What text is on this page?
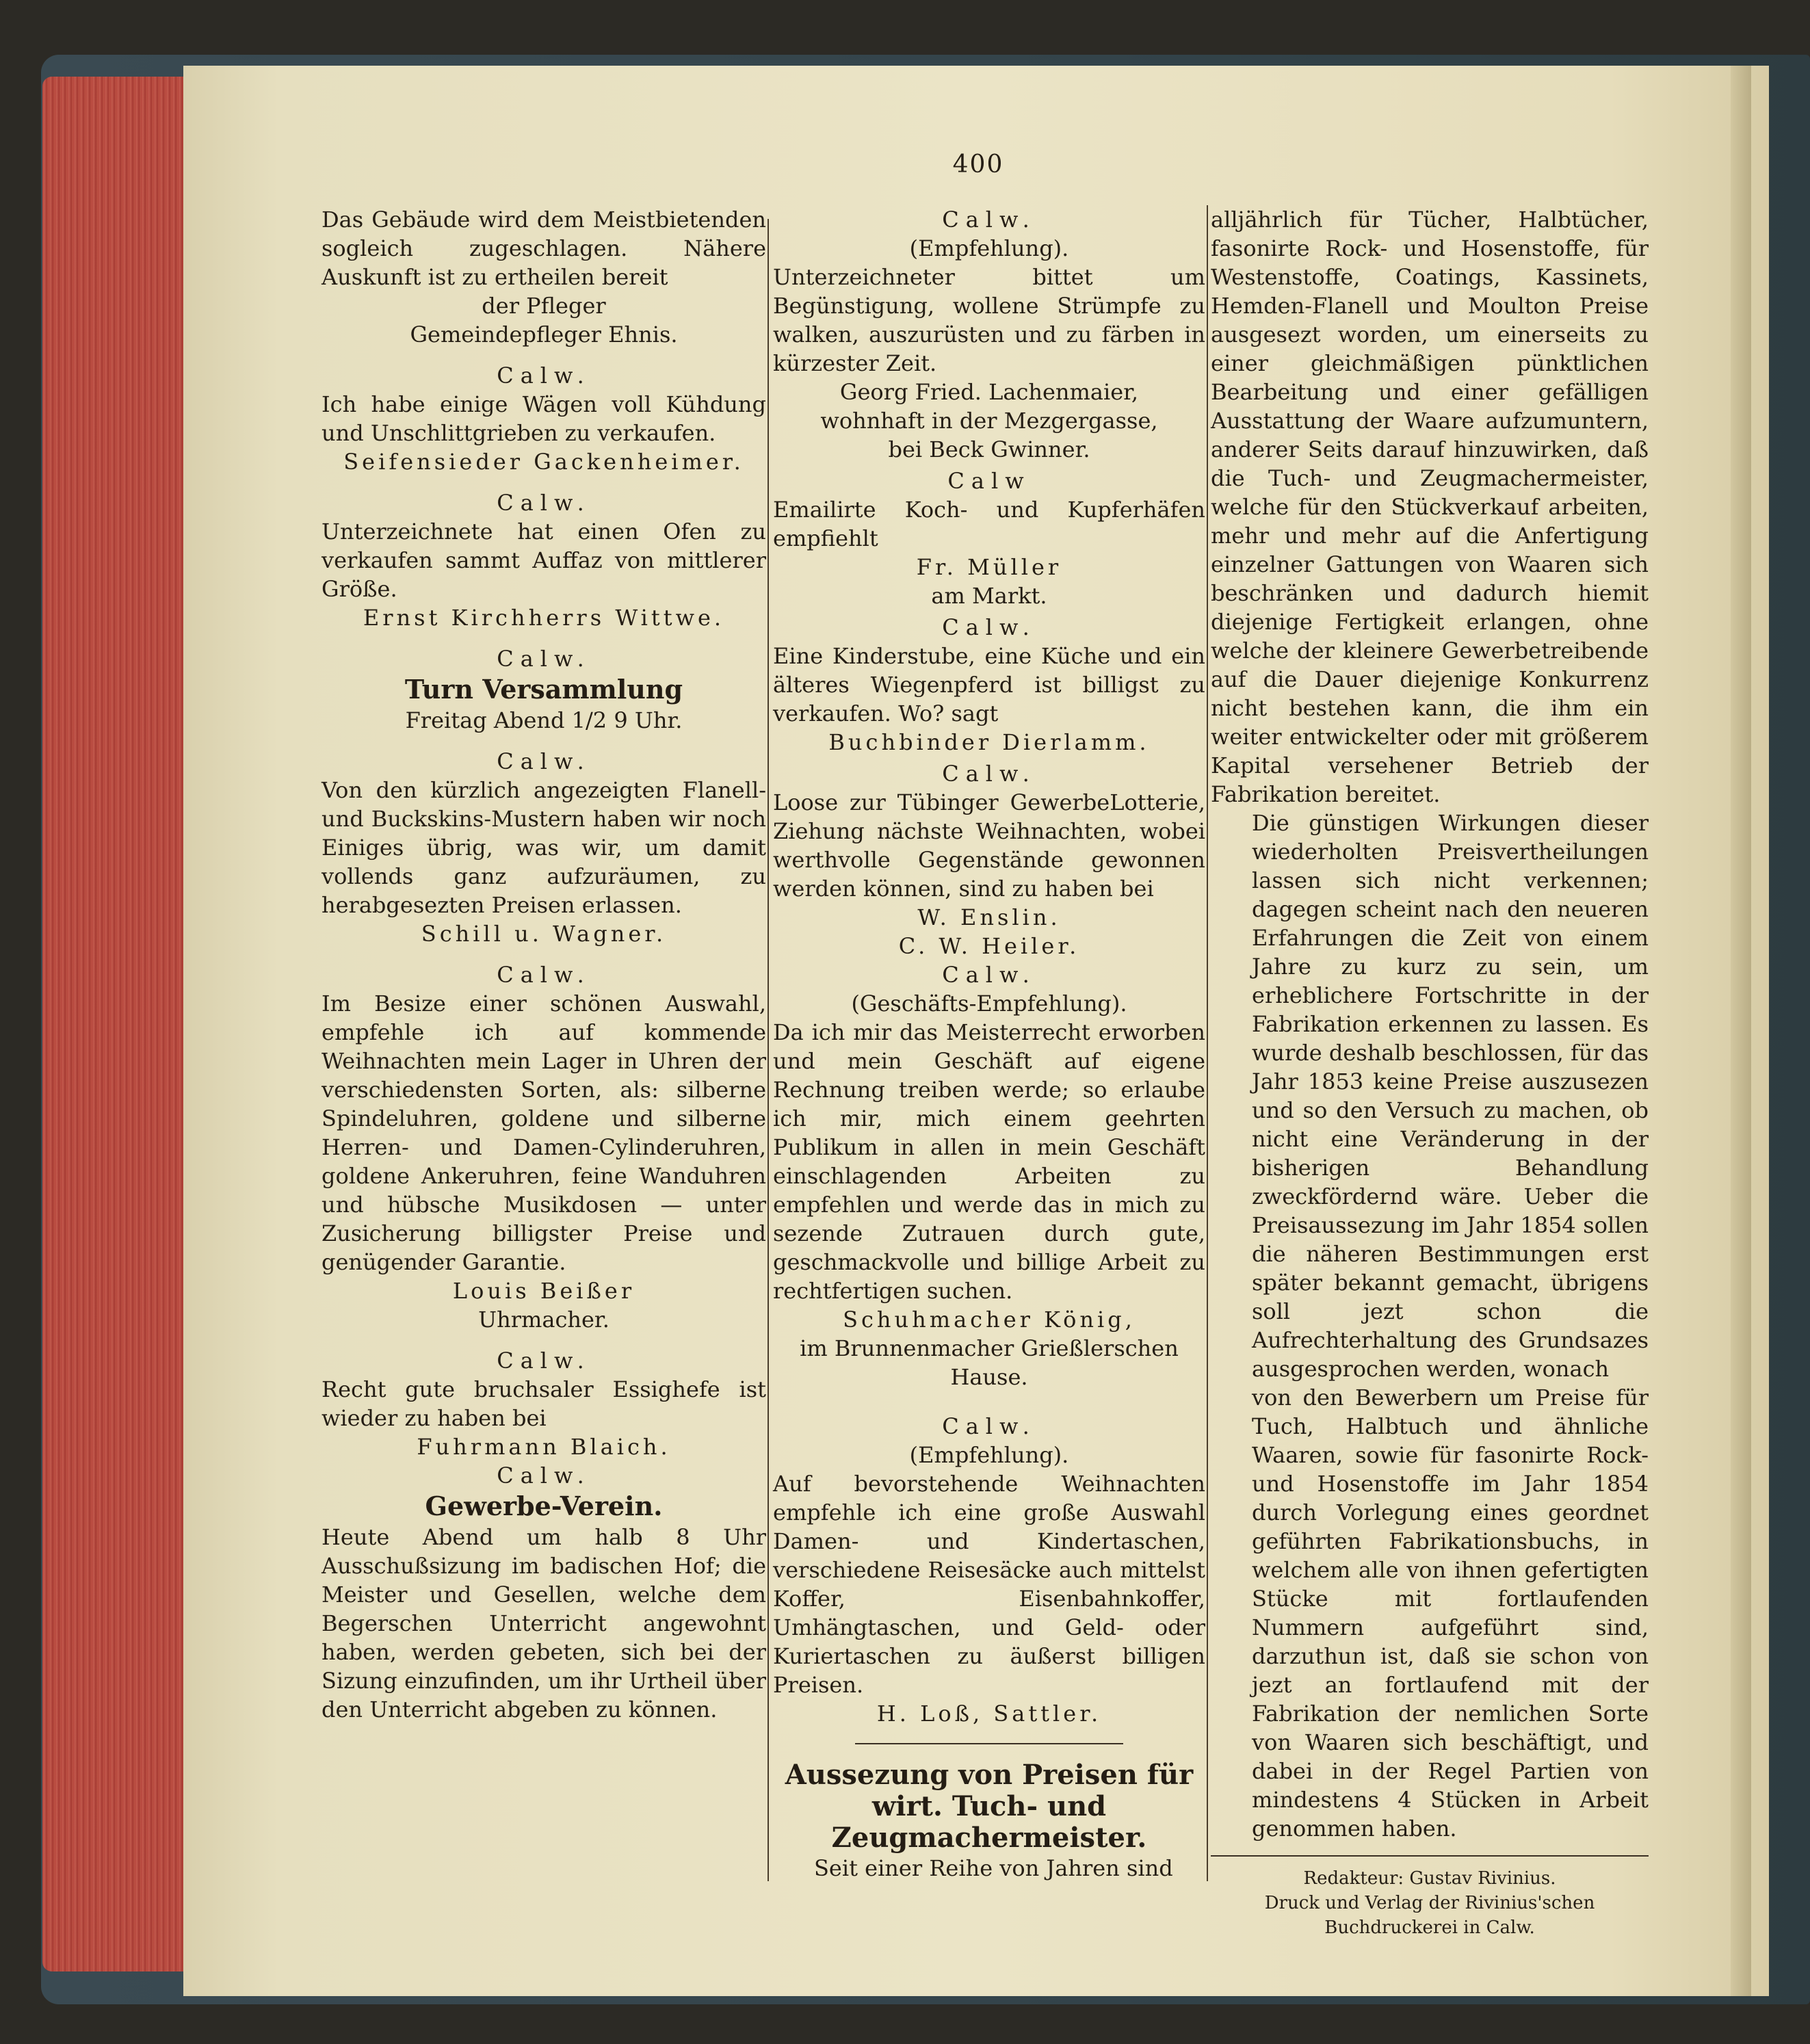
400

Das Gebäude wird dem Meistbietenden sogleich zugeschlagen. Nähere Auskunft ist zu ertheilen bereit

der Pfleger
Gemeindepfleger Ehnis.
Calw.

Ich habe einige Wägen voll Kühdung und Unschlittgrieben zu verkaufen.

Seifensieder Gackenheimer.
Calw.

Unterzeichnete hat einen Ofen zu verkaufen sammt Auffaz von mittlerer Größe.

Ernst Kirchherrs Wittwe.
Calw.
Turn Versammlung
Freitag Abend 1/2 9 Uhr.
Calw.

Von den kürzlich angezeigten Flanell- und Buckskins-Mustern haben wir noch Einiges übrig, was wir, um damit vollends ganz aufzuräumen, zu herabgesezten Preisen erlassen.

Schill u. Wagner.
Calw.

Im Besize einer schönen Auswahl, empfehle ich auf kommende Weihnachten mein Lager in Uhren der verschiedensten Sorten, als: silberne Spindeluhren, goldene und silberne Herren- und Damen-Cylinderuhren, goldene Ankeruhren, feine Wanduhren und hübsche Musikdosen — unter Zusicherung billigster Preise und genügender Garantie.

Louis Beißer
Uhrmacher.
Calw.

Recht gute bruchsaler Essighefe ist wieder zu haben bei

Fuhrmann Blaich.
Calw.
Gewerbe-Verein.

Heute Abend um halb 8 Uhr Ausschußsizung im badischen Hof; die Meister und Gesellen, welche dem Begerschen Unterricht angewohnt haben, werden gebeten, sich bei der Sizung einzufinden, um ihr Urtheil über den Unterricht abgeben zu können.

Calw.
(Empfehlung).

Unterzeichneter bittet um Begünstigung, wollene Strümpfe zu walken, auszurüsten und zu färben in kürzester Zeit.

Georg Fried. Lachenmaier,
wohnhaft in der Mezgergasse,
bei Beck Gwinner.
Calw

Emailirte Koch- und Kupferhäfen empfiehlt

Fr. Müller
am Markt.
Calw.

Eine Kinderstube, eine Küche und ein älteres Wiegenpferd ist billigst zu verkaufen. Wo? sagt

Buchbinder Dierlamm.
Calw.

Loose zur Tübinger GewerbeLotterie, Ziehung nächste Weihnachten, wobei werthvolle Gegenstände gewonnen werden können, sind zu haben bei

W. Enslin.
C. W. Heiler.
Calw.
(Geschäfts-Empfehlung).

Da ich mir das Meisterrecht erworben und mein Geschäft auf eigene Rechnung treiben werde; so erlaube ich mir, mich einem geehrten Publikum in allen in mein Geschäft einschlagenden Arbeiten zu empfehlen und werde das in mich zu sezende Zutrauen durch gute, geschmackvolle und billige Arbeit zu rechtfertigen suchen.

Schuhmacher König,
im Brunnenmacher Grießlerschen
Hause.
Calw.
(Empfehlung).

Auf bevorstehende Weihnachten empfehle ich eine große Auswahl Damen- und Kindertaschen, verschiedene Reisesäcke auch mittelst Koffer, Eisenbahnkoffer, Umhängtaschen, und Geld- oder Kuriertaschen zu äußerst billigen Preisen.

H. Loß, Sattler.
Aussezung von Preisen für wirt. Tuch- und Zeugmachermeister.

Seit einer Reihe von Jahren sind

alljährlich für Tücher, Halbtücher, fasonirte Rock- und Hosenstoffe, für Westenstoffe, Coatings, Kassinets, Hemden-Flanell und Moulton Preise ausgesezt worden, um einerseits zu einer gleichmäßigen pünktlichen Bearbeitung und einer gefälligen Ausstattung der Waare aufzumuntern, anderer Seits darauf hinzuwirken, daß die Tuch- und Zeugmachermeister, welche für den Stückverkauf arbeiten, mehr und mehr auf die Anfertigung einzelner Gattungen von Waaren sich beschränken und dadurch hiemit diejenige Fertigkeit erlangen, ohne welche der kleinere Gewerbetreibende auf die Dauer diejenige Konkurrenz nicht bestehen kann, die ihm ein weiter entwickelter oder mit größerem Kapital versehener Betrieb der Fabrikation bereitet.

Die günstigen Wirkungen dieser wiederholten Preisvertheilungen lassen sich nicht verkennen; dagegen scheint nach den neueren Erfahrungen die Zeit von einem Jahre zu kurz zu sein, um erheblichere Fortschritte in der Fabrikation erkennen zu lassen. Es wurde deshalb beschlossen, für das Jahr 1853 keine Preise auszusezen und so den Versuch zu machen, ob nicht eine Veränderung in der bisherigen Behandlung zweckfördernd wäre. Ueber die Preisaussezung im Jahr 1854 sollen die näheren Bestimmungen erst später bekannt gemacht, übrigens soll jezt schon die Aufrechterhaltung des Grundsazes ausgesprochen werden, wonach

von den Bewerbern um Preise für Tuch, Halbtuch und ähnliche Waaren, sowie für fasonirte Rock- und Hosenstoffe im Jahr 1854 durch Vorlegung eines geordnet geführten Fabrikationsbuchs, in welchem alle von ihnen gefertigten Stücke mit fortlaufenden Nummern aufgeführt sind, darzuthun ist, daß sie schon von jezt an fortlaufend mit der Fabrikation der nemlichen Sorte von Waaren sich beschäftigt, und dabei in der Regel Partien von mindestens 4 Stücken in Arbeit genommen haben.

Redakteur: Gustav Rivinius.
Druck und Verlag der Rivinius'schen Buchdruckerei in Calw.
